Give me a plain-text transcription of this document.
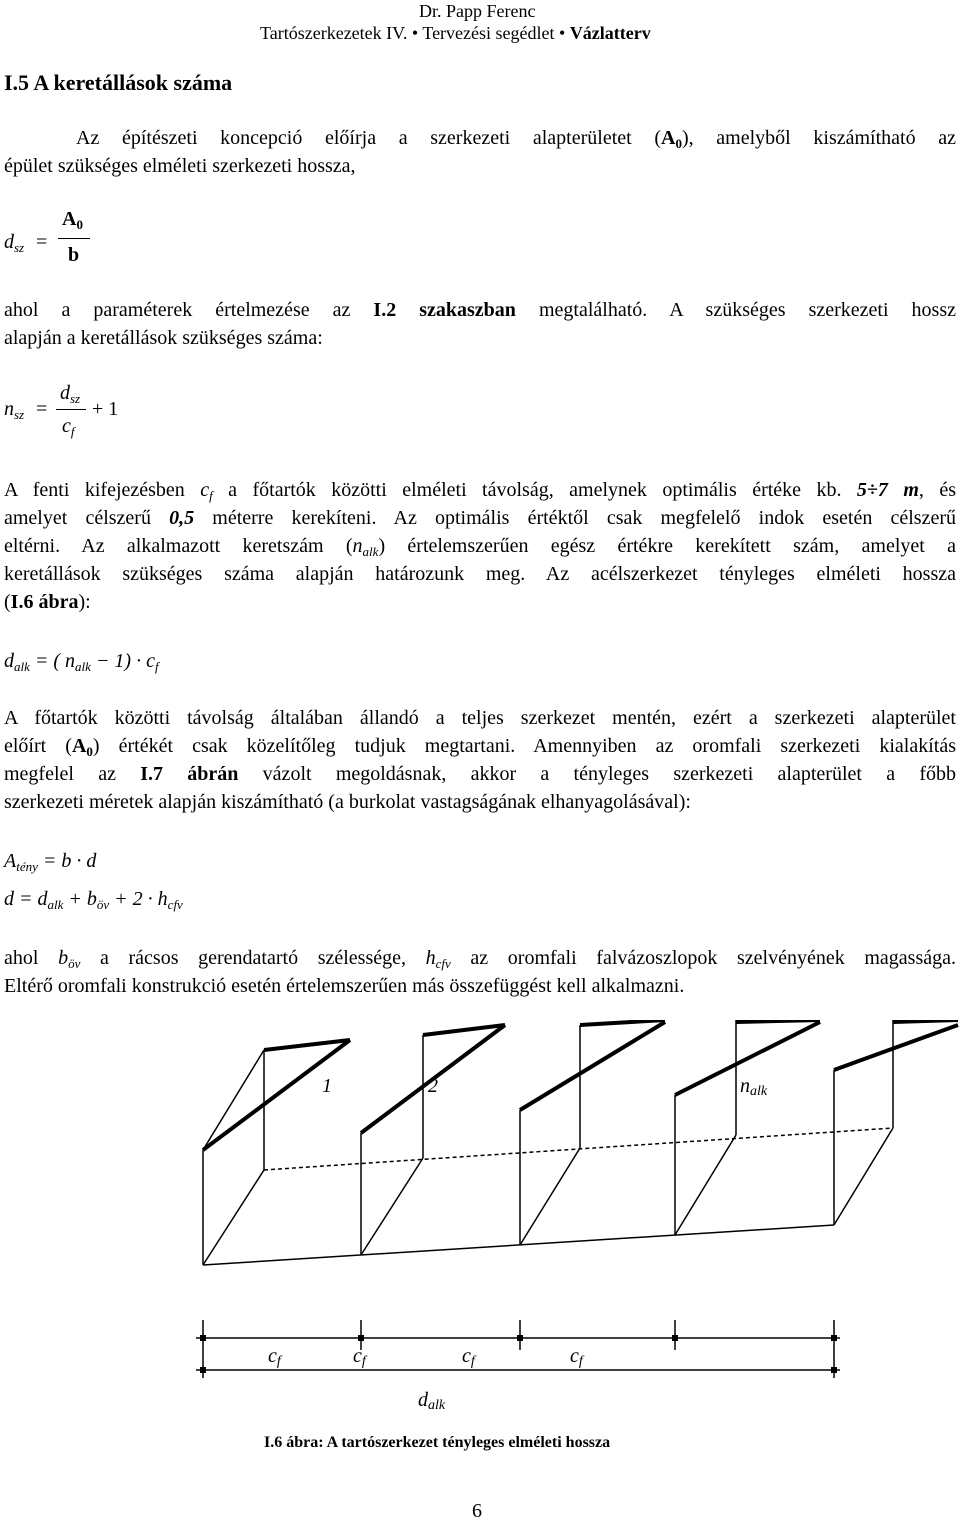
Dr. Papp Ferenc
Tartószerkezetek IV. • Tervezési segédlet • Vázlatterv
I.5 A keretállások száma
Az építészeti koncepció előírja a szerkezeti alapterületet $(A_0)$, amelyből kiszámítható az
épület szükséges elméleti szerkezeti hossza,
$d_{sz}$ =
$A_0$
b
ahol a paraméterek értelmezése az I.2 szakaszban megtalálható. A szükséges szerkezeti hossz
alapján a keretállások szükséges száma:
$n_{sz}$ =
$d_{sz}$
$c_f$
+ 1
A fenti kifejezésben $c_f$ a főtartók közötti elméleti távolság, amelynek optimális értéke kb. 5÷7 m, és
amelyet célszerű 0,5 méterre kerekíteni. Az optimális értéktől csak megfelelő indok esetén célszerű
eltérni. Az alkalmazott keretszám $(n_{alk})$ értelemszerűen egész értékre kerekített szám, amelyet a
keretállások szükséges száma alapján határozunk meg. Az acélszerkezet tényleges elméleti hossza
(I.6 ábra):
$d_{alk}$ = ( $n_{alk} - 1) \cdot c_f$
A főtartók közötti távolság általában állandó a teljes szerkezet mentén, ezért a szerkezeti alapterület
előírt $(A_0)$ értékét csak közelítőleg tudjuk megtartani. Amennyiben az oromfali szerkezeti kialakítás
megfelel az I.7 ábrán vázolt megoldásnak, akkor a tényleges szerkezeti alapterület a főbb
szerkezeti méretek alapján kiszámítható (a burkolat vastagságának elhanyagolásával):
$A_{tény} = b \cdot d$
$d = d_{alk} + b_{öv} + 2 \cdot h_{cfv}$
ahol $b_{öv}$ a rácsos gerendatartó szélessége, $h_{cfv}$ az oromfali falvázoszlopok szelvényének magassága.
Eltérő oromfali konstrukció esetén értelemszerűen más összefüggést kell alkalmazni.
1	2	nalk
cf	cf	cf	cf
dalk
I.6 ábra: A tartószerkezet tényleges elméleti hossza
6
